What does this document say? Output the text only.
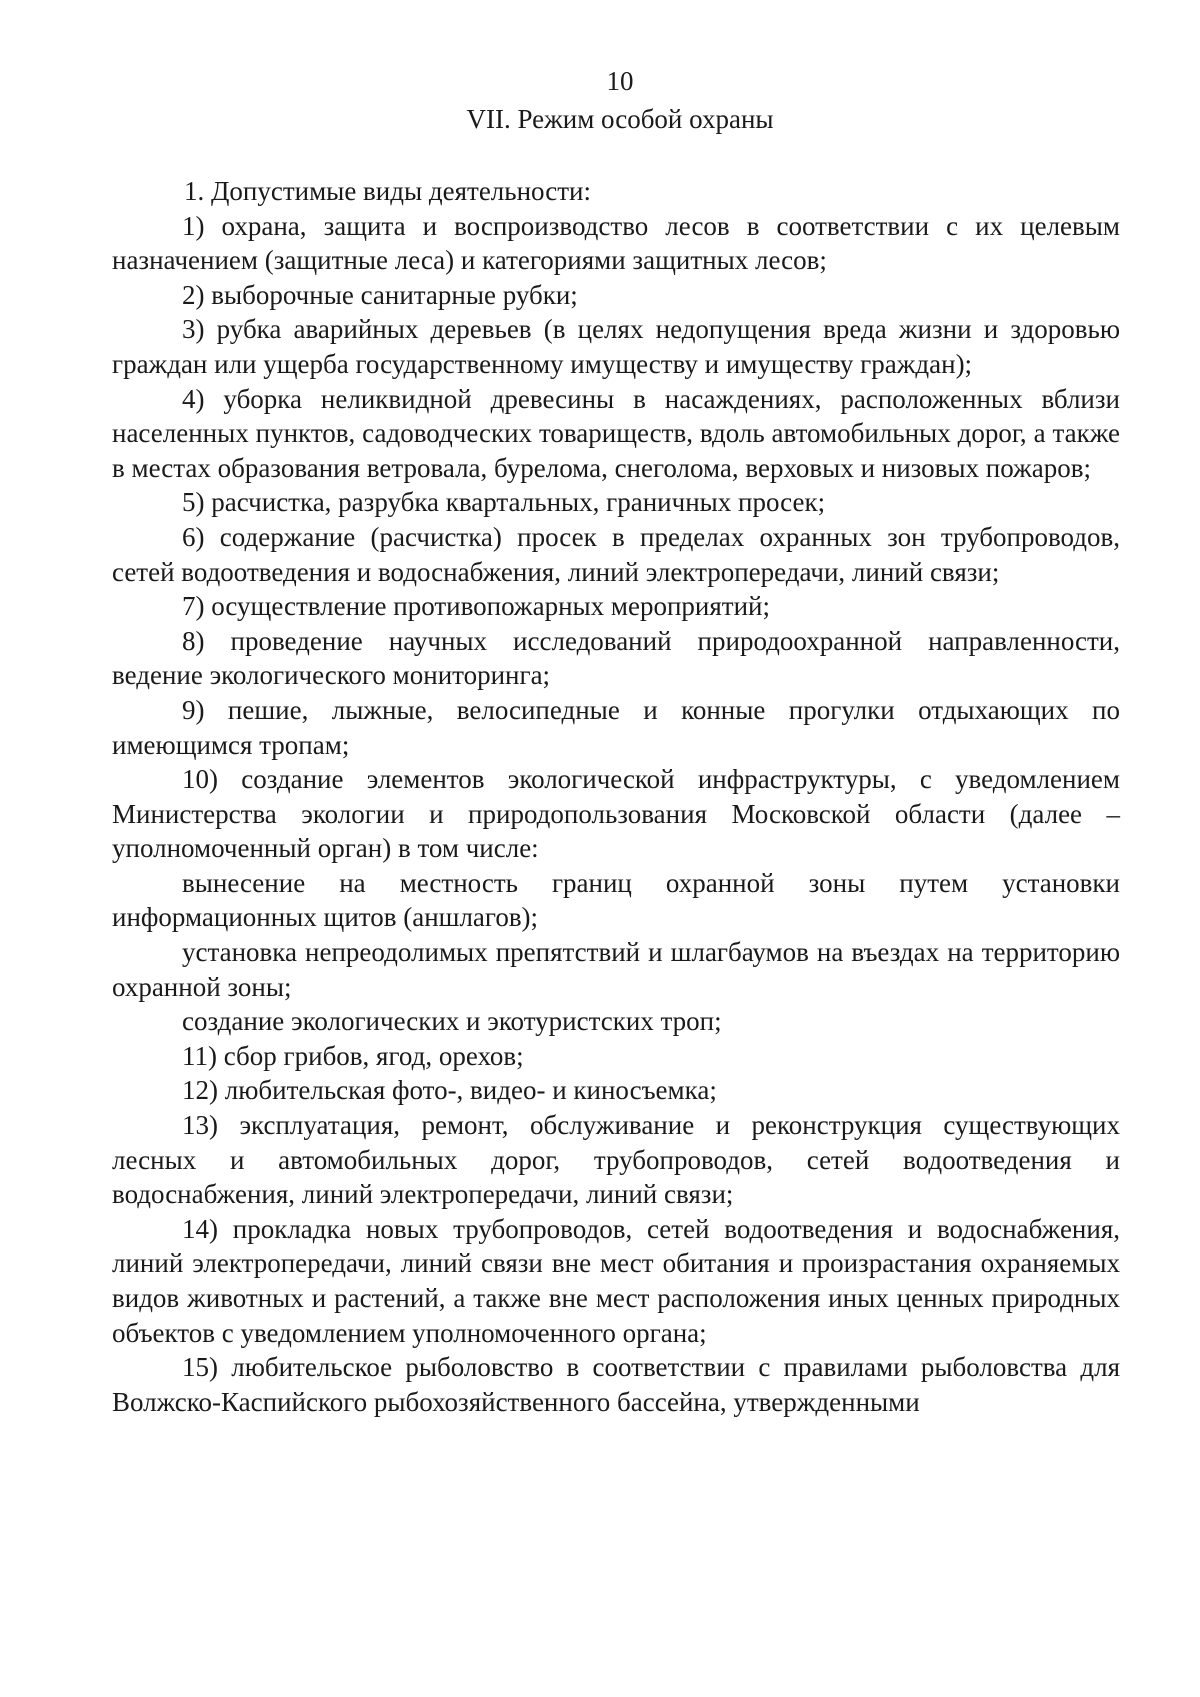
10

VII. Режим особой охраны

1. Допустимые виды деятельности:

1) охрана, защита и воспроизводство лесов в соответствии с их целевым назначением (защитные леса) и категориями защитных лесов;

2) выборочные санитарные рубки;

3) рубка аварийных деревьев (в целях недопущения вреда жизни и здоровью граждан или ущерба государственному имуществу и имуществу граждан);

4) уборка неликвидной древесины в насаждениях, расположенных вблизи населенных пунктов, садоводческих товариществ, вдоль автомобильных дорог, а также в местах образования ветровала, бурелома, снеголома, верховых и низовых пожаров;

5) расчистка, разрубка квартальных, граничных просек;

6) содержание (расчистка) просек в пределах охранных зон трубопроводов, сетей водоотведения и водоснабжения, линий электропередачи, линий связи;

7) осуществление противопожарных мероприятий;

8) проведение научных исследований природоохранной направленности, ведение экологического мониторинга;

9) пешие, лыжные, велосипедные и конные прогулки отдыхающих по имеющимся тропам;

10) создание элементов экологической инфраструктуры, с уведомлением Министерства экологии и природопользования Московской области (далее – уполномоченный орган) в том числе:

вынесение на местность границ охранной зоны путем установки информационных щитов (аншлагов);

установка непреодолимых препятствий и шлагбаумов на въездах на территорию охранной зоны;

создание экологических и экотуристских троп;

11) сбор грибов, ягод, орехов;

12) любительская фото-, видео- и киносъемка;

13) эксплуатация, ремонт, обслуживание и реконструкция существующих лесных и автомобильных дорог, трубопроводов, сетей водоотведения и водоснабжения, линий электропередачи, линий связи;

14) прокладка новых трубопроводов, сетей водоотведения и водоснабжения, линий электропередачи, линий связи вне мест обитания и произрастания охраняемых видов животных и растений, а также вне мест расположения иных ценных природных объектов с уведомлением уполномоченного органа;

15) любительское рыболовство в соответствии с правилами рыболовства для Волжско-Каспийского рыбохозяйственного бассейна, утвержденными
